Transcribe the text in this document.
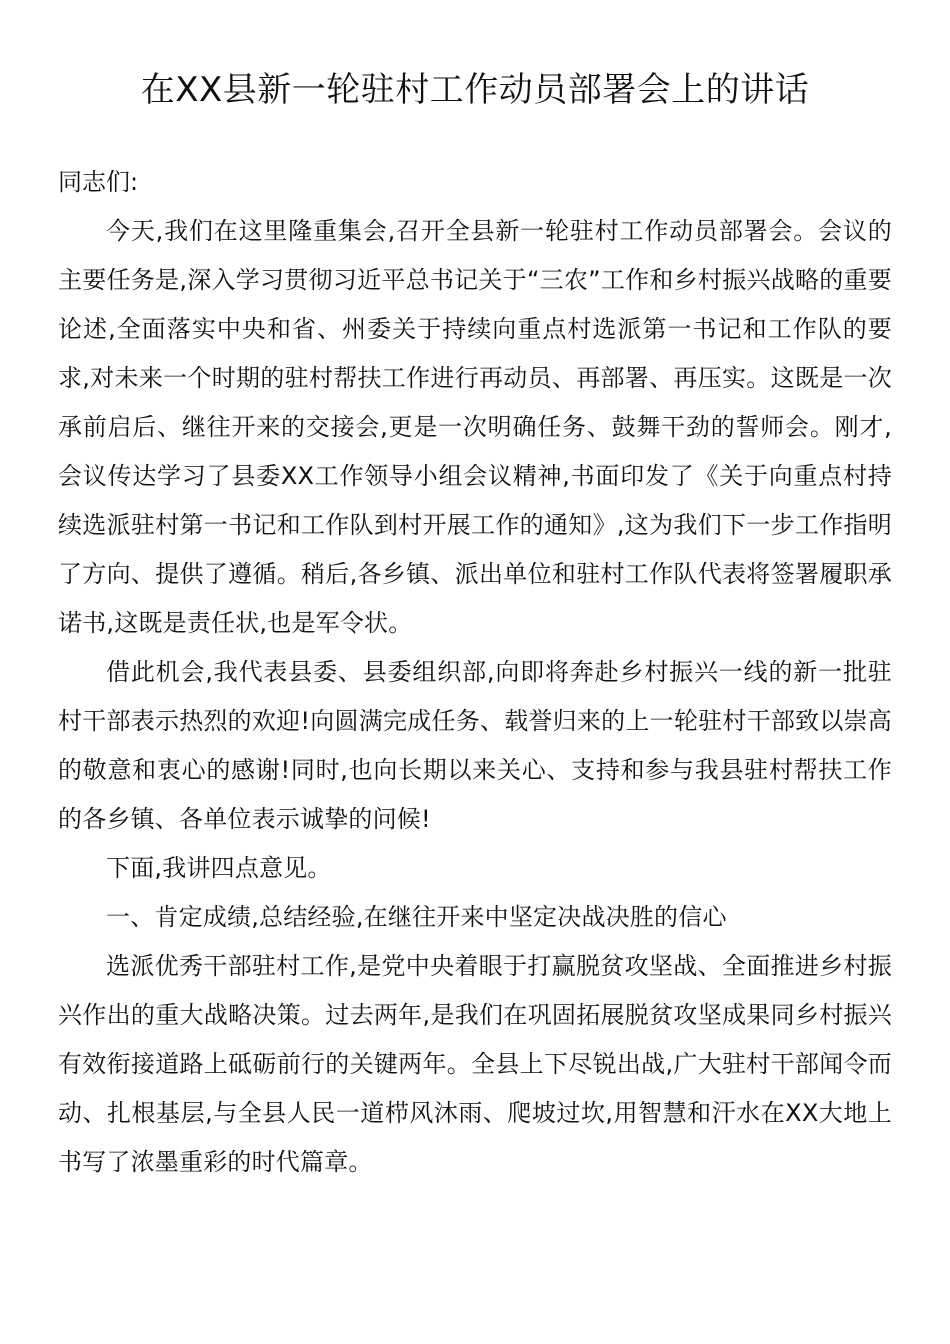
在XX县新一轮驻村工作动员部署会上的讲话

同志们:

今天,我们在这里隆重集会,召开全县新一轮驻村工作动员部署会。会议的主要任务是,深入学习贯彻习近平总书记关于“三农”工作和乡村振兴战略的重要论述,全面落实中央和省、州委关于持续向重点村选派第一书记和工作队的要求,对未来一个时期的驻村帮扶工作进行再动员、再部署、再压实。这既是一次承前启后、继往开来的交接会,更是一次明确任务、鼓舞干劲的誓师会。刚才,会议传达学习了县委XX工作领导小组会议精神,书面印发了《关于向重点村持续选派驻村第一书记和工作队到村开展工作的通知》,这为我们下一步工作指明了方向、提供了遵循。稍后,各乡镇、派出单位和驻村工作队代表将签署履职承诺书,这既是责任状,也是军令状。

借此机会,我代表县委、县委组织部,向即将奔赴乡村振兴一线的新一批驻村干部表示热烈的欢迎!向圆满完成任务、载誉归来的上一轮驻村干部致以崇高的敬意和衷心的感谢!同时,也向长期以来关心、支持和参与我县驻村帮扶工作的各乡镇、各单位表示诚挚的问候!

下面,我讲四点意见。

一、肯定成绩,总结经验,在继往开来中坚定决战决胜的信心

选派优秀干部驻村工作,是党中央着眼于打赢脱贫攻坚战、全面推进乡村振兴作出的重大战略决策。过去两年,是我们在巩固拓展脱贫攻坚成果同乡村振兴有效衔接道路上砥砺前行的关键两年。全县上下尽锐出战,广大驻村干部闻令而动、扎根基层,与全县人民一道栉风沐雨、爬坡过坎,用智慧和汗水在XX大地上书写了浓墨重彩的时代篇章。
